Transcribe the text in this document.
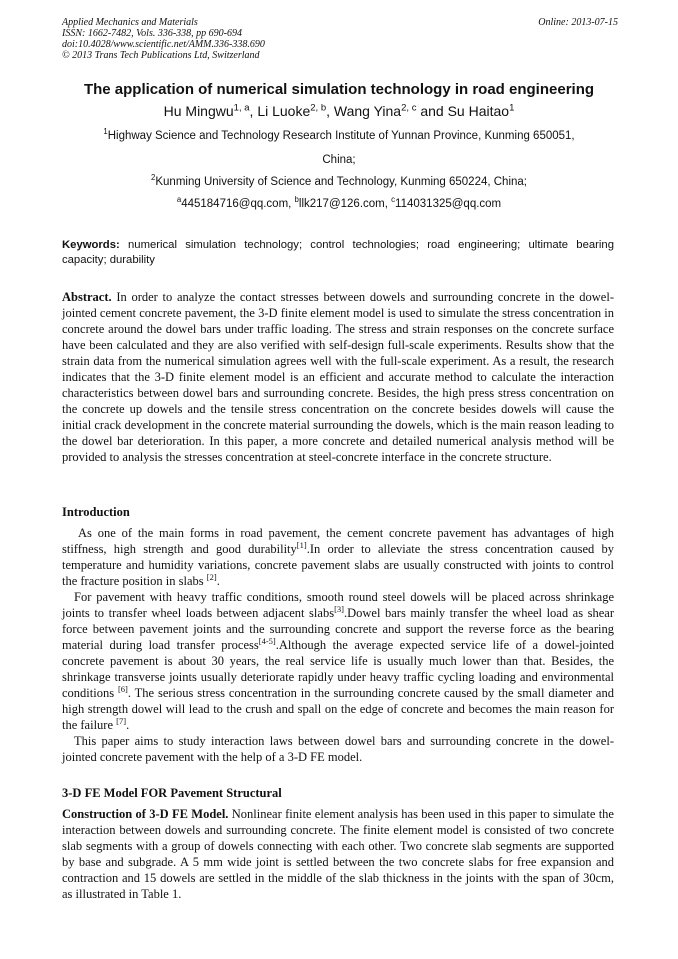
Applied Mechanics and Materials
ISSN: 1662-7482, Vols. 336-338, pp 690-694
doi:10.4028/www.scientific.net/AMM.336-338.690
© 2013 Trans Tech Publications Ltd, Switzerland
Online: 2013-07-15
The application of numerical simulation technology in road engineering
Hu Mingwu$^{1, a}$, Li Luoke$^{2, b}$, Wang Yina$^{2, c}$ and Su Haitao$^1$
$^1$Highway Science and Technology Research Institute of Yunnan Province, Kunming 650051,
China;
$^2$Kunming University of Science and Technology, Kunming 650224, China;
$^a$445184716@qq.com, $^b$llk217@126.com, $^c$114031325@qq.com
Keywords: numerical simulation technology; control technologies; road engineering; ultimate bearing capacity; durability

Abstract. In order to analyze the contact stresses between dowels and surrounding concrete in the dowel-jointed cement concrete pavement, the 3-D finite element model is used to simulate the stress concentration in concrete around the dowel bars under traffic loading. The stress and strain responses on the concrete surface have been calculated and they are also verified with self-design full-scale experiments. Results show that the strain data from the numerical simulation agrees well with the full-scale experiment. As a result, the research indicates that the 3-D finite element model is an efficient and accurate method to calculate the interaction characteristics between dowel bars and surrounding concrete. Besides, the high press stress concentration on the concrete up dowels and the tensile stress concentration on the concrete besides dowels will cause the initial crack development in the concrete material surrounding the dowels, which is the main reason leading to the dowel bar deterioration. In this paper, a more concrete and detailed numerical analysis method will be provided to analysis the stresses concentration at steel-concrete interface in the concrete structure.

Introduction

As one of the main forms in road pavement, the cement concrete pavement has advantages of high stiffness, high strength and good durability[1].In order to alleviate the stress concentration caused by temperature and humidity variations, concrete pavement slabs are usually constructed with joints to control the fracture position in slabs [2].

For pavement with heavy traffic conditions, smooth round steel dowels will be placed across shrinkage joints to transfer wheel loads between adjacent slabs[3].Dowel bars mainly transfer the wheel load as shear force between pavement joints and the surrounding concrete and support the reverse force as the bearing material during load transfer process[4-5].Although the average expected service life of a dowel-jointed concrete pavement is about 30 years, the real service life is usually much lower than that. Besides, the shrinkage transverse joints usually deteriorate rapidly under heavy traffic cycling loading and environmental conditions [6]. The serious stress concentration in the surrounding concrete caused by the small diameter and high strength dowel will lead to the crush and spall on the edge of concrete and becomes the main reason for the failure [7].

This paper aims to study interaction laws between dowel bars and surrounding concrete in the dowel-jointed concrete pavement with the help of a 3-D FE model.

3-D FE Model FOR Pavement Structural

Construction of 3-D FE Model. Nonlinear finite element analysis has been used in this paper to simulate the interaction between dowels and surrounding concrete. The finite element model is consisted of two concrete slab segments with a group of dowels connecting with each other. Two concrete slab segments are supported by base and subgrade. A 5 mm wide joint is settled between the two concrete slabs for free expansion and contraction and 15 dowels are settled in the middle of the slab thickness in the joints with the span of 30cm, as illustrated in Table 1.
